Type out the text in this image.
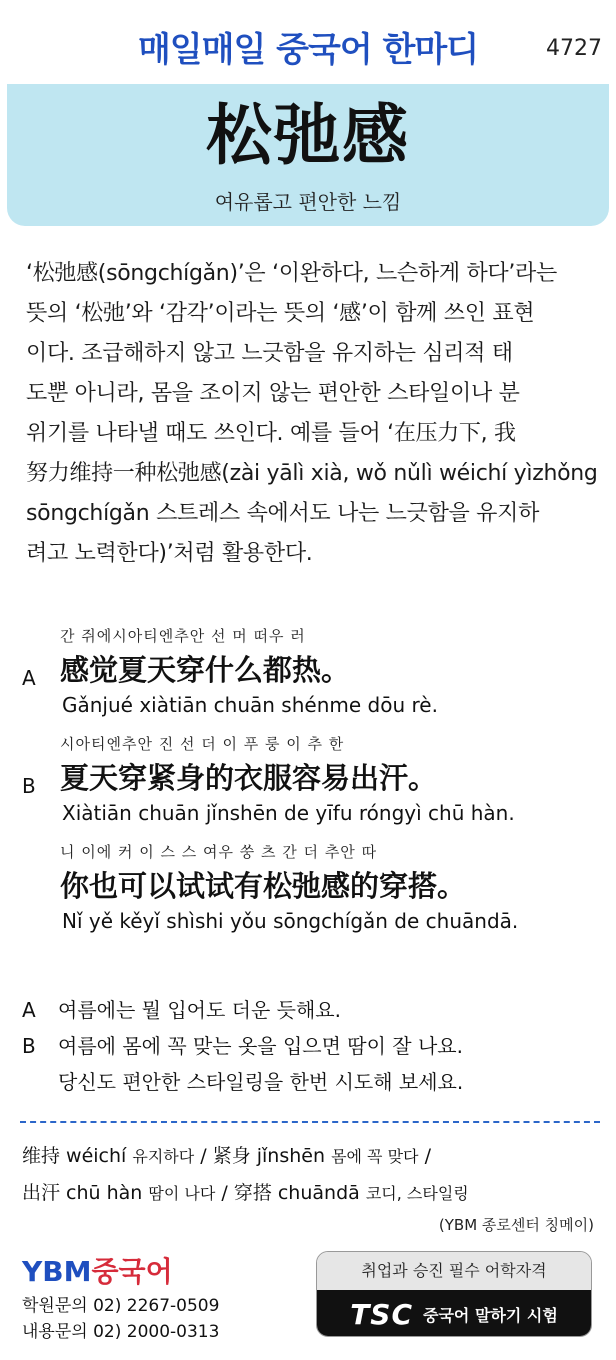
매일매일 중국어 한마디	4727
松弛感
여유롭고 편안한 느낌
‘松弛感(sōngchígǎn)’은 ‘이완하다, 느슨하게 하다’라는
뜻의 ‘松弛’와 ‘감각’이라는 뜻의 ‘感’이 함께 쓰인 표현
이다. 조급해하지 않고 느긋함을 유지하는 심리적 태
도뿐 아니라, 몸을 조이지 않는 편안한 스타일이나 분
위기를 나타낼 때도 쓰인다. 예를 들어 ‘在压力下, 我
努力维持一种松弛感(zài yālì xià, wǒ nǔlì wéichí yìzhǒng
sōngchígǎn 스트레스 속에서도 나는 느긋함을 유지하
려고 노력한다)’처럼 활용한다.
A
간 쥐에시아티엔추안 선 머 떠우 러
感觉夏天穿什么都热。
Gǎnjué xiàtiān chuān shénme dōu rè.
B
시아티엔추안 진 선 더 이 푸 룽 이 추 한
夏天穿紧身的衣服容易出汗。
Xiàtiān chuān jǐnshēn de yīfu róngyì chū hàn.
니 이에 커 이 스 스 여우 쑹 츠 간 더 추안 따
你也可以试试有松弛感的穿搭。
Nǐ yě kěyǐ shìshi yǒu sōngchígǎn de chuāndā.
A	여름에는 뭘 입어도 더운 듯해요.
B	여름에 몸에 꼭 맞는 옷을 입으면 땀이 잘 나요.
당신도 편안한 스타일링을 한번 시도해 보세요.
维持 wéichí 유지하다 / 紧身 jǐnshēn 몸에 꼭 맞다 /
出汗 chū hàn 땀이 나다 / 穿搭 chuāndā 코디, 스타일링
(YBM 종로센터 칭메이)
YBM중국어
학원문의 02) 2267-0509
내용문의 02) 2000-0313
취업과 승진 필수 어학자격
TSC 중국어 말하기 시험
